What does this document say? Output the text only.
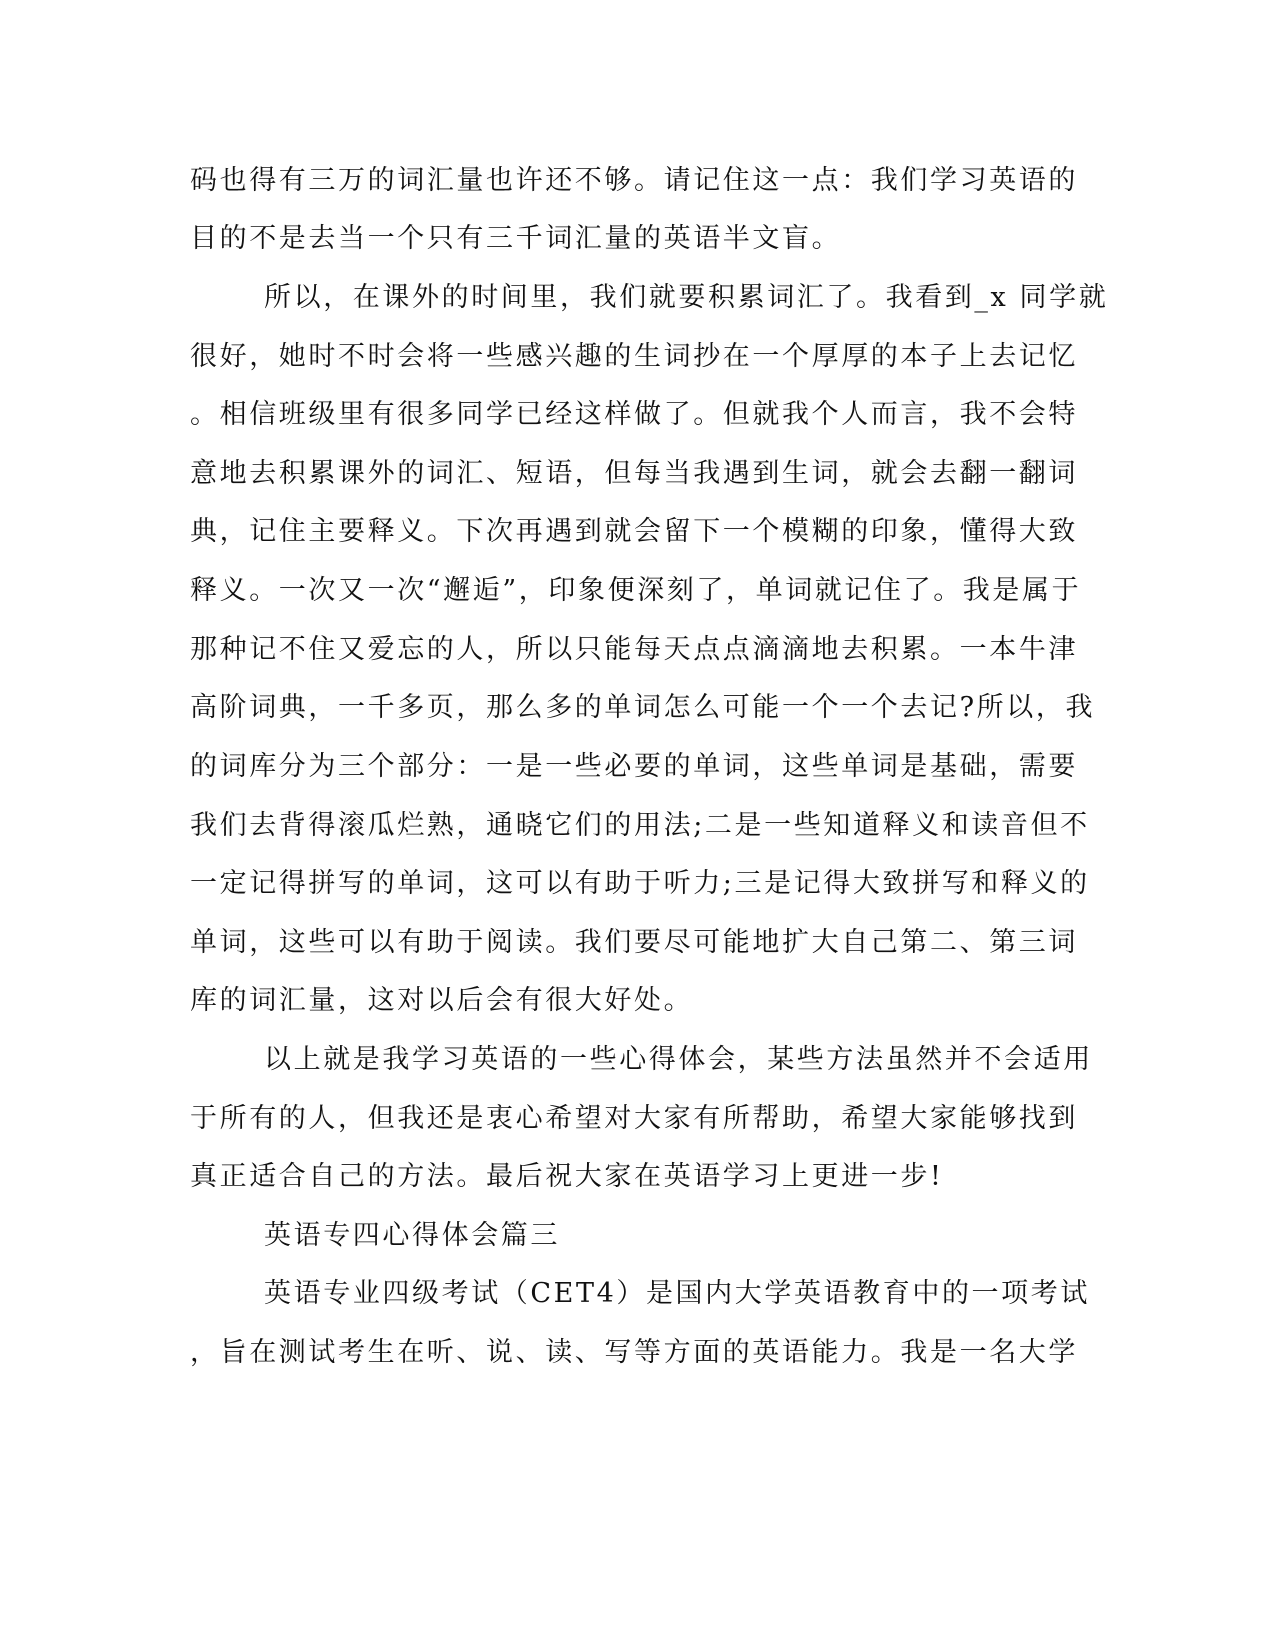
码也得有三万的词汇量也许还不够。请记住这一点：我们学习英语的
目的不是去当一个只有三千词汇量的英语半文盲。
所以，在课外的时间里，我们就要积累词汇了。我看到_x 同学就
很好，她时不时会将一些感兴趣的生词抄在一个厚厚的本子上去记忆
。相信班级里有很多同学已经这样做了。但就我个人而言，我不会特
意地去积累课外的词汇、短语，但每当我遇到生词，就会去翻一翻词
典，记住主要释义。下次再遇到就会留下一个模糊的印象，懂得大致
释义。一次又一次“邂逅”，印象便深刻了，单词就记住了。我是属于
那种记不住又爱忘的人，所以只能每天点点滴滴地去积累。一本牛津
高阶词典，一千多页，那么多的单词怎么可能一个一个去记?所以，我
的词库分为三个部分：一是一些必要的单词，这些单词是基础，需要
我们去背得滚瓜烂熟，通晓它们的用法;二是一些知道释义和读音但不
一定记得拼写的单词，这可以有助于听力;三是记得大致拼写和释义的
单词，这些可以有助于阅读。我们要尽可能地扩大自己第二、第三词
库的词汇量，这对以后会有很大好处。
以上就是我学习英语的一些心得体会，某些方法虽然并不会适用
于所有的人，但我还是衷心希望对大家有所帮助，希望大家能够找到
真正适合自己的方法。最后祝大家在英语学习上更进一步!
英语专四心得体会篇三
英语专业四级考试（CET4）是国内大学英语教育中的一项考试
，旨在测试考生在听、说、读、写等方面的英语能力。我是一名大学
